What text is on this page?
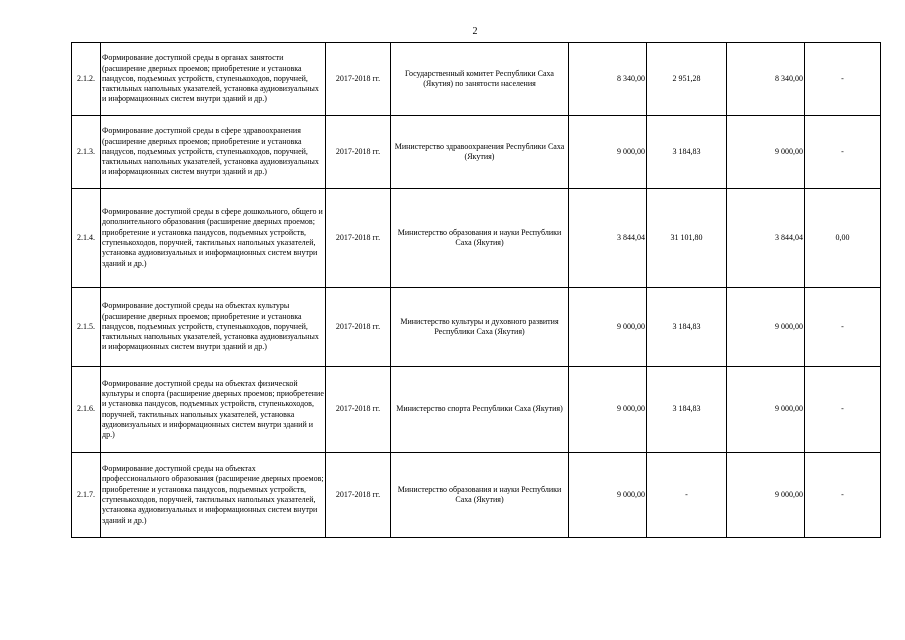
2
2.1.2.	Формирование доступной среды в органах занятости (расширение дверных проемов; приобретение и установка пандусов, подъемных устройств, ступенькоходов, поручней, тактильных напольных указателей, установка аудиовизуальных и информационных систем внутри зданий и др.)	2017-2018 гг.	Государственный комитет Республики Саха (Якутия) по занятости населения	8 340,00	2 951,28	8 340,00	-
2.1.3.	Формирование доступной среды в сфере здравоохранения (расширение дверных проемов; приобретение и установка пандусов, подъемных устройств, ступенькоходов, поручней, тактильных напольных указателей, установка аудиовизуальных и информационных систем внутри зданий и др.)	2017-2018 гг.	Министерство здравоохранения Республики Саха (Якутия)	9 000,00	3 184,83	9 000,00	-
2.1.4.	Формирование доступной среды в сфере дошкольного, общего и дополнительного образования (расширение дверных проемов; приобретение и установка пандусов, подъемных устройств, ступенькоходов, поручней, тактильных напольных указателей, установка аудиовизуальных и информационных систем внутри зданий и др.)	2017-2018 гг.	Министерство образования и науки Республики Саха (Якутия)	3 844,04	31 101,80	3 844,04	0,00
2.1.5.	Формирование доступной среды на объектах культуры (расширение дверных проемов; приобретение и установка пандусов, подъемных устройств, ступенькоходов, поручней, тактильных напольных указателей, установка аудиовизуальных и информационных систем внутри зданий и др.)	2017-2018 гг.	Министерство культуры и духовного развития Республики Саха (Якутия)	9 000,00	3 184,83	9 000,00	-
2.1.6.	Формирование доступной среды на объектах физической культуры и спорта (расширение дверных проемов; приобретение и установка пандусов, подъемных устройств, ступенькоходов, поручней, тактильных напольных указателей, установка аудиовизуальных и информационных систем внутри зданий и др.)	2017-2018 гг.	Министерство спорта Республики Саха (Якутия)	9 000,00	3 184,83	9 000,00	-
2.1.7.	Формирование доступной среды на объектах профессионального образования (расширение дверных проемов; приобретение и установка пандусов, подъемных устройств, ступенькоходов, поручней, тактильных напольных указателей, установка аудиовизуальных и информационных систем внутри зданий и др.)	2017-2018 гг.	Министерство образования и науки Республики Саха (Якутия)	9 000,00	-	9 000,00	-
